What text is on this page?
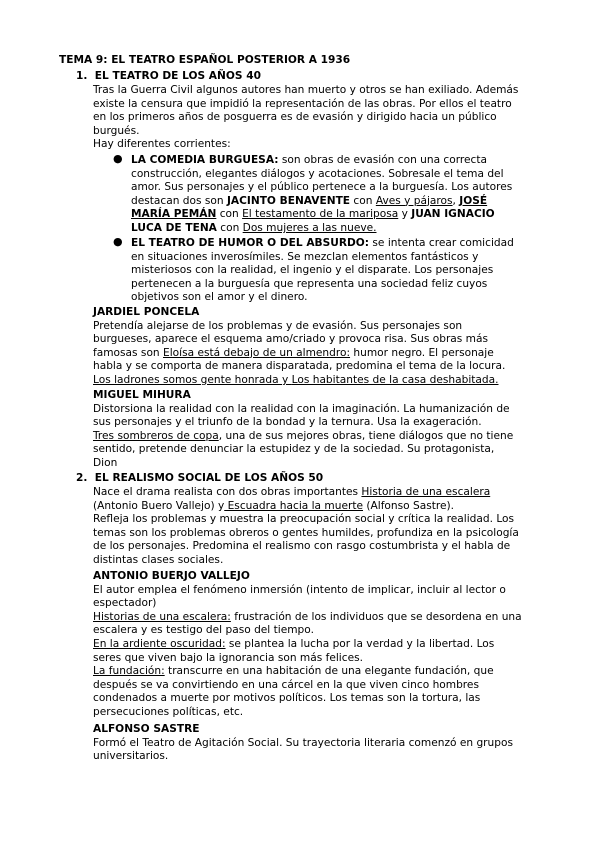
TEMA 9: EL TEATRO ESPAÑOL POSTERIOR A 1936
1. EL TEATRO DE LOS AÑOS 40
Tras la Guerra Civil algunos autores han muerto y otros se han exiliado. Además
existe la censura que impidió la representación de las obras. Por ellos el teatro
en los primeros años de posguerra es de evasión y dirigido hacia un público
burgués.
Hay diferentes corrientes:
● LA COMEDIA BURGUESA: son obras de evasión con una correcta
construcción, elegantes diálogos y acotaciones. Sobresale el tema del
amor. Sus personajes y el público pertenece a la burguesía. Los autores
destacan dos son JACINTO BENAVENTE con Aves y pájaros, JOSÉ
MARÍA PEMÁN con El testamento de la mariposa y JUAN IGNACIO
LUCA DE TENA con Dos mujeres a las nueve.
● EL TEATRO DE HUMOR O DEL ABSURDO: se intenta crear comicidad
en situaciones inverosímiles. Se mezclan elementos fantásticos y
misteriosos con la realidad, el ingenio y el disparate. Los personajes
pertenecen a la burguesía que representa una sociedad feliz cuyos
objetivos son el amor y el dinero.
JARDIEL PONCELA
Pretendía alejarse de los problemas y de evasión. Sus personajes son
burgueses, aparece el esquema amo/criado y provoca risa. Sus obras más
famosas son Eloísa está debajo de un almendro: humor negro. El personaje
habla y se comporta de manera disparatada, predomina el tema de la locura.
Los ladrones somos gente honrada y Los habitantes de la casa deshabitada.
MIGUEL MIHURA
Distorsiona la realidad con la realidad con la imaginación. La humanización de
sus personajes y el triunfo de la bondad y la ternura. Usa la exageración.
Tres sombreros de copa, una de sus mejores obras, tiene diálogos que no tiene
sentido, pretende denunciar la estupidez y de la sociedad. Su protagonista,
Dion
2. EL REALISMO SOCIAL DE LOS AÑOS 50
Nace el drama realista con dos obras importantes Historia de una escalera
(Antonio Buero Vallejo) y Escuadra hacia la muerte (Alfonso Sastre).
Refleja los problemas y muestra la preocupación social y crítica la realidad. Los
temas son los problemas obreros o gentes humildes, profundiza en la psicología
de los personajes. Predomina el realismo con rasgo costumbrista y el habla de
distintas clases sociales.
ANTONIO BUERJO VALLEJO
El autor emplea el fenómeno inmersión (intento de implicar, incluir al lector o
espectador)
Historias de una escalera: frustración de los individuos que se desordena en una
escalera y es testigo del paso del tiempo.
En la ardiente oscuridad: se plantea la lucha por la verdad y la libertad. Los
seres que viven bajo la ignorancia son más felices.
La fundación: transcurre en una habitación de una elegante fundación, que
después se va convirtiendo en una cárcel en la que viven cinco hombres
condenados a muerte por motivos políticos. Los temas son la tortura, las
persecuciones políticas, etc.
ALFONSO SASTRE
Formó el Teatro de Agitación Social. Su trayectoria literaria comenzó en grupos
universitarios.
